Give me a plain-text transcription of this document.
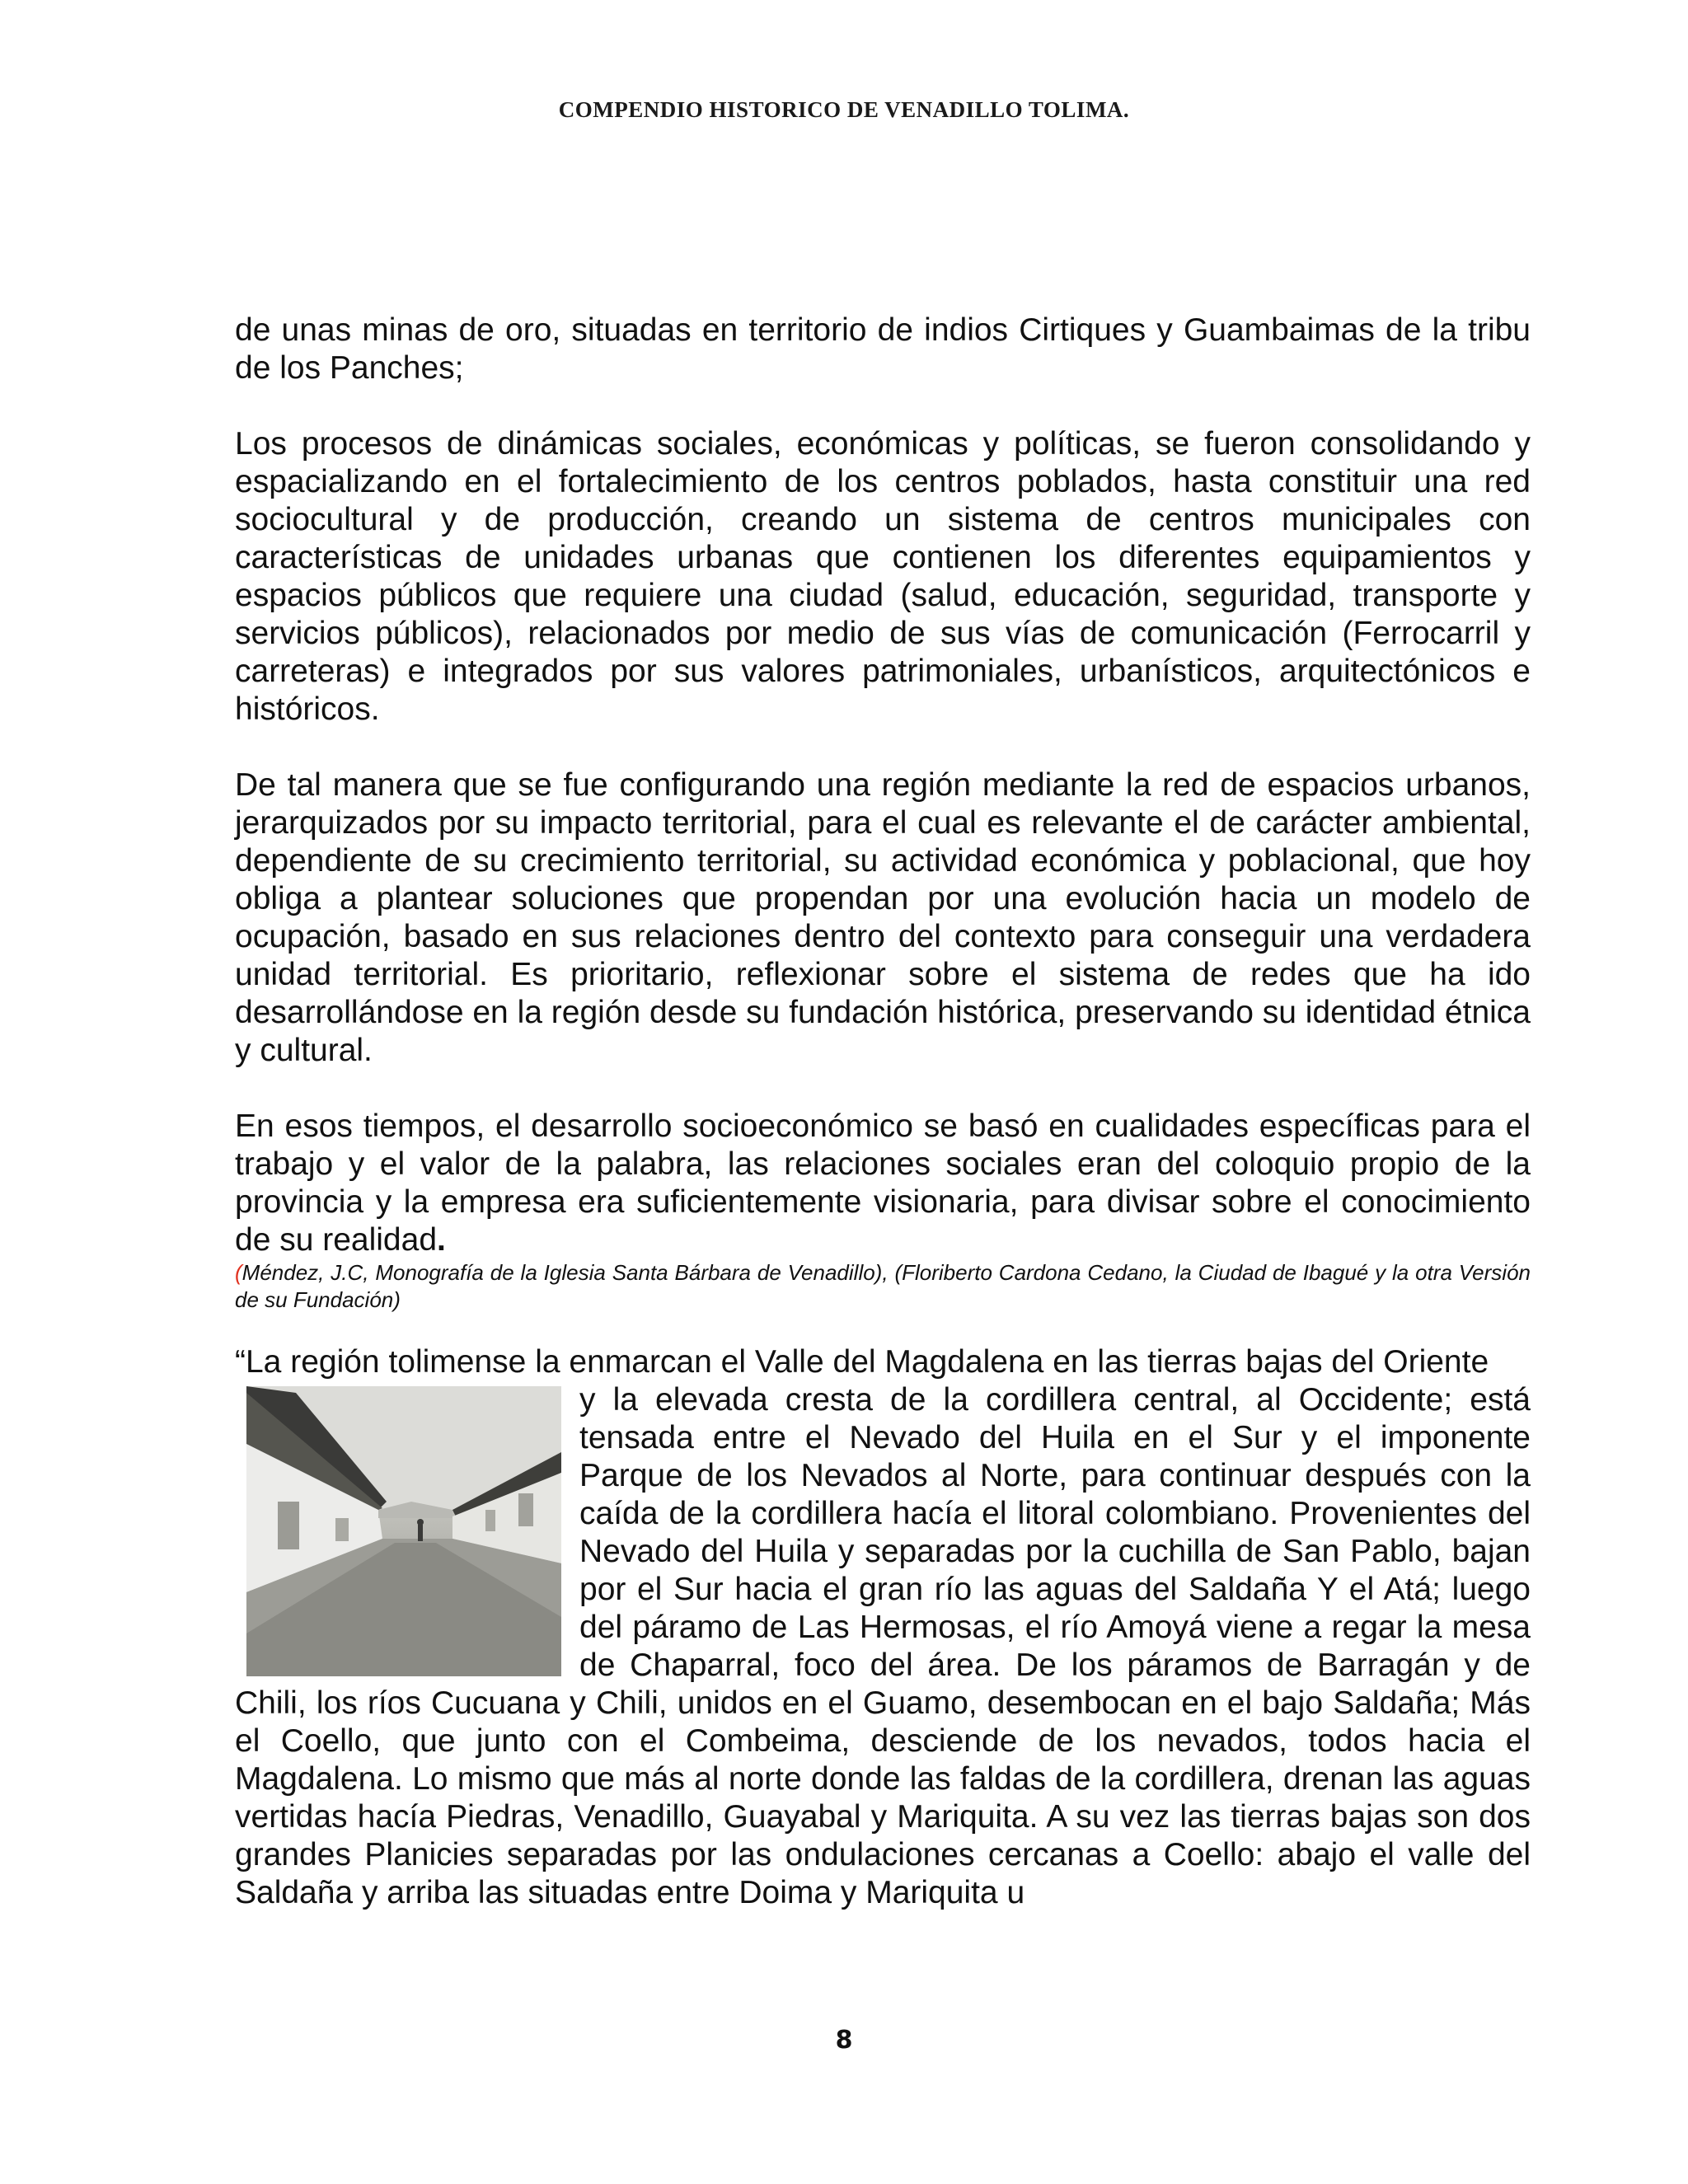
COMPENDIO HISTORICO DE VENADILLO TOLIMA.

de unas minas de oro, situadas en territorio de indios Cirtiques y Guambaimas de la tribu de los Panches;

Los procesos de dinámicas sociales, económicas y políticas, se fueron consolidando y espacializando en el fortalecimiento de los centros poblados, hasta constituir una red sociocultural y de producción, creando un sistema de centros municipales con características de unidades urbanas que contienen los diferentes equipamientos y espacios públicos que requiere una ciudad (salud, educación, seguridad, transporte y servicios públicos), relacionados por medio de sus vías de comunicación (Ferrocarril y carreteras) e integrados por sus valores patrimoniales, urbanísticos, arquitectónicos e históricos.

De tal manera que se fue configurando una región mediante la red de espacios urbanos, jerarquizados por su impacto territorial, para el cual es relevante el de carácter ambiental, dependiente de su crecimiento territorial, su actividad económica y poblacional, que hoy obliga a plantear soluciones que propendan por una evolución hacia un modelo de ocupación, basado en sus relaciones dentro del contexto para conseguir una verdadera unidad territorial. Es prioritario, reflexionar sobre el sistema de redes que ha ido desarrollándose en la región desde su fundación histórica, preservando su identidad étnica y cultural.

En esos tiempos, el desarrollo socioeconómico se basó en cualidades específicas para el trabajo y el valor de la palabra, las relaciones sociales eran del coloquio propio de la provincia y la empresa era suficientemente visionaria, para divisar sobre el conocimiento de su realidad.

(Méndez, J.C, Monografía de la Iglesia Santa Bárbara de Venadillo), (Floriberto Cardona Cedano, la Ciudad de Ibagué y la otra Versión de su Fundación)

“La región tolimense la enmarcan el Valle del Magdalena en las tierras bajas del Oriente

y la elevada cresta de la cordillera central, al Occidente; está tensada entre el Nevado del Huila en el Sur y el imponente Parque de los Nevados al Norte, para continuar después con la caída de la cordillera hacía el litoral colombiano. Provenientes del Nevado del Huila y separadas por la cuchilla de San Pablo, bajan por el Sur hacia el gran río las aguas del Saldaña Y el Atá; luego del páramo de Las Hermosas, el río Amoyá viene a regar la mesa de Chaparral, foco del área. De los páramos de Barragán y de Chili, los ríos Cucuana y Chili, unidos en el Guamo, desembocan en el bajo Saldaña; Más el Coello, que junto con el Combeima, desciende de los nevados, todos hacia el Magdalena. Lo mismo que más al norte donde las faldas de la cordillera, drenan las aguas vertidas hacía Piedras, Venadillo, Guayabal y Mariquita. A su vez las tierras bajas son dos grandes Planicies separadas por las ondulaciones cercanas a Coello: abajo el valle del Saldaña y arriba las situadas entre Doima y Mariquita u

8
